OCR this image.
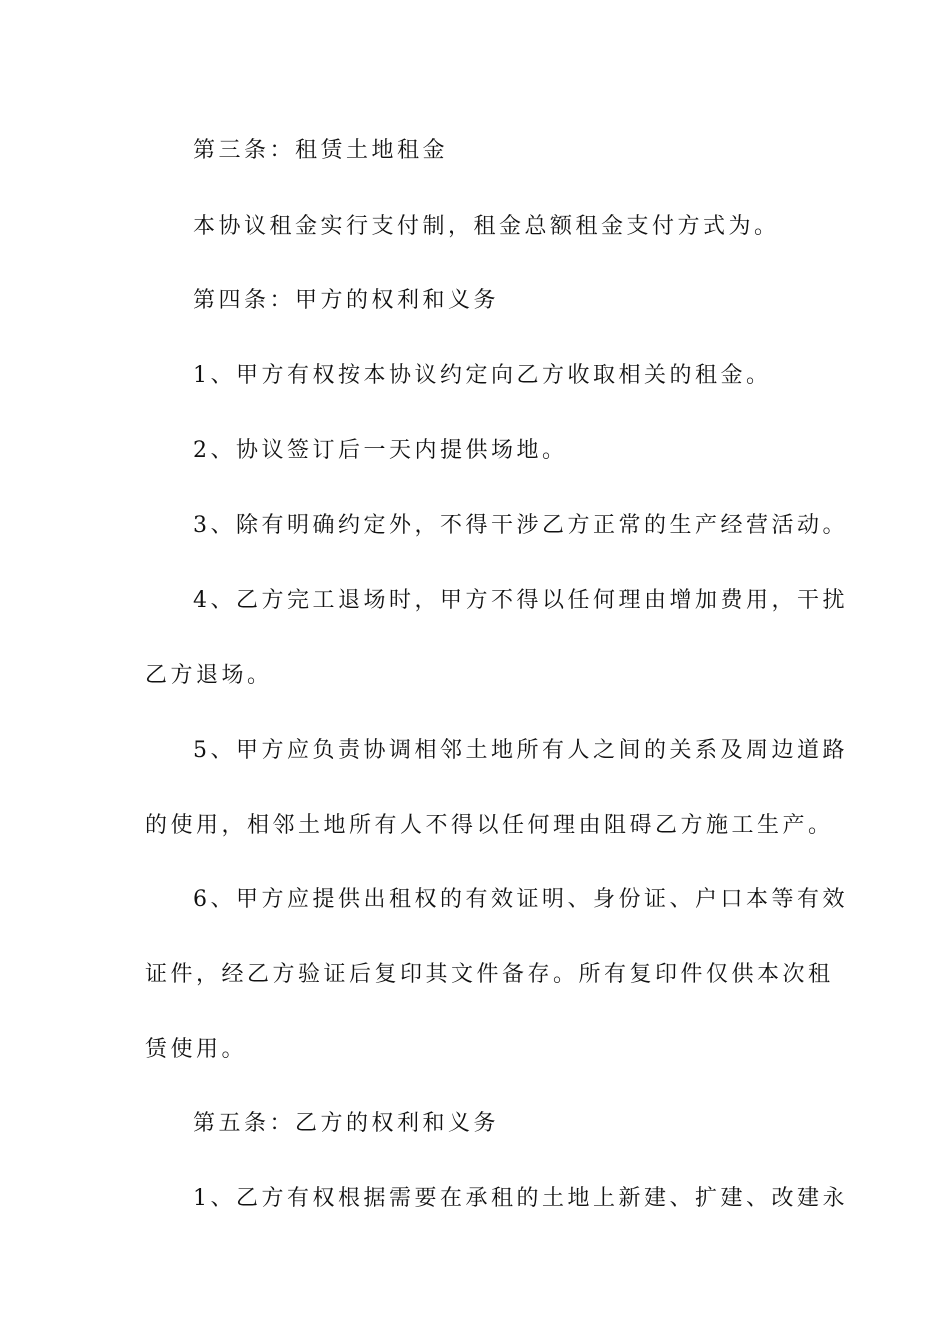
第三条：租赁土地租金
本协议租金实行支付制，租金总额租金支付方式为。
第四条：甲方的权利和义务
1、甲方有权按本协议约定向乙方收取相关的租金。
2、协议签订后一天内提供场地。
3、除有明确约定外，不得干涉乙方正常的生产经营活动。
4、乙方完工退场时，甲方不得以任何理由增加费用，干扰
乙方退场。
5、甲方应负责协调相邻土地所有人之间的关系及周边道路
的使用，相邻土地所有人不得以任何理由阻碍乙方施工生产。
6、甲方应提供出租权的有效证明、身份证、户口本等有效
证件，经乙方验证后复印其文件备存。所有复印件仅供本次租
赁使用。
第五条：乙方的权利和义务
1、乙方有权根据需要在承租的土地上新建、扩建、改建永
